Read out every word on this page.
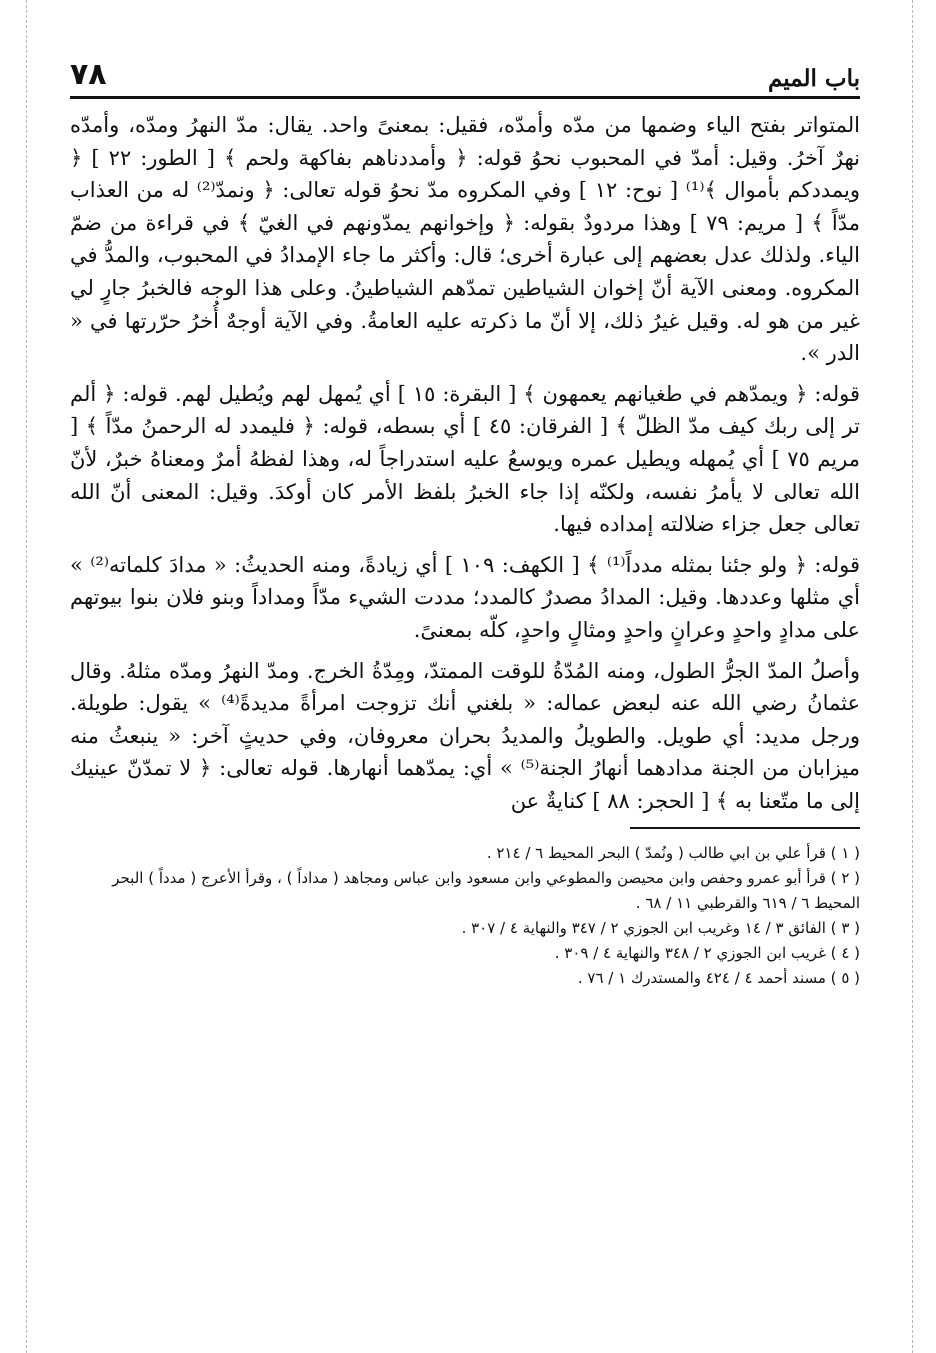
باب الميم
٧٨

المتواتر بفتح الياء وضمها من مدّه وأمدّه، فقيل: بمعنىً واحد. يقال: مدّ النهرُ ومدّه، وأمدّه نهرٌ آخرُ. وقيل: أمدّ في المحبوب نحوُ قوله: ﴿ وأمددناهم بفاكهة ولحم ﴾ [ الطور: ٢٢ ] ﴿ ويمددكم بأموال ﴾⁽¹⁾ [ نوح: ١٢ ] وفي المكروه مدّ نحوُ قوله تعالى: ﴿ ونمدّ⁽²⁾ له من العذاب مدّاً ﴾ [ مريم: ٧٩ ] وهذا مردودٌ بقوله: ﴿ وإخوانهم يمدّونهم في الغيّ ﴾ في قراءة من ضمّ الياء. ولذلك عدل بعضهم إلى عبارة أخرى؛ قال: وأكثر ما جاء الإمدادُ في المحبوب، والمدُّ في المكروه. ومعنى الآية أنّ إخوان الشياطين تمدّهم الشياطينُ. وعلى هذا الوجه فالخبرُ جارٍ لي غير من هو له. وقيل غيرُ ذلك، إلا أنّ ما ذكرته عليه العامةُ. وفي الآية أوجهٌ أُخرُ حرّرتها في « الدر ».

قوله: ﴿ ويمدّهم في طغيانهم يعمهون ﴾ [ البقرة: ١٥ ] أي يُمهل لهم ويُطيل لهم. قوله: ﴿ ألم تر إلى ربك كيف مدّ الظلّ ﴾ [ الفرقان: ٤٥ ] أي بسطه، قوله: ﴿ فليمدد له الرحمنُ مدّاً ﴾ [ مريم ٧٥ ] أي يُمهله ويطيل عمره ويوسعُ عليه استدراجاً له، وهذا لفظهُ أمرٌ ومعناهُ خبرٌ، لأنّ الله تعالى لا يأمرُ نفسه، ولكنّه إذا جاء الخبرُ بلفظ الأمر كان أوكدَ. وقيل: المعنى أنّ الله تعالى جعل جزاء ضلالته إمداده فيها.

قوله: ﴿ ولو جئنا بمثله مدداً⁽¹⁾ ﴾ [ الكهف: ١٠٩ ] أي زيادةً، ومنه الحديثُ: « مدادَ كلماته⁽²⁾ » أي مثلها وعددها. وقيل: المدادُ مصدرٌ كالمدد؛ مددت الشيء مدّاً ومداداً وبنو فلان بنوا بيوتهم على مدادٍ واحدٍ وعرانٍ واحدٍ ومثالٍ واحدٍ، كلّه بمعنىً.

وأصلُ المدّ الجرُّ الطول، ومنه المُدّةُ للوقت الممتدّ، ومِدّةُ الخرج. ومدّ النهرُ ومدّه مثلهُ. وقال عثمانُ رضي الله عنه لبعض عماله: « بلغني أنك تزوجت امرأةً مديدةً⁽⁴⁾ » يقول: طويلة. ورجل مديد: أي طويل. والطويلُ والمديدُ بحران معروفان، وفي حديثٍ آخر: « ينبعثُ منه ميزابان من الجنة مدادهما أنهارُ الجنة⁽⁵⁾ » أي: يمدّهما أنهارها. قوله تعالى: ﴿ لا تمدّنّ عينيك إلى ما متّعنا به ﴾ [ الحجر: ٨٨ ] كنايةٌ عن

( ١ ) قرأ علي بن ابي طالب ( ونُمدّ ) البحر المحيط ٦ / ٢١٤ .
( ٢ ) قرأ أبو عمرو وحفص وابن محيصن والمطوعي وابن مسعود وابن عباس ومجاهد ( مداداً ) ، وقرأ الأعرج ( مدداً ) البحر المحيط ٦ / ٦١٩ والقرطبي ١١ / ٦٨ .
( ٣ ) الفائق ٣ / ١٤ وغريب ابن الجوزي ٢ / ٣٤٧ والنهاية ٤ / ٣٠٧ .
( ٤ ) غريب ابن الجوزي ٢ / ٣٤٨ والنهاية ٤ / ٣٠٩ .
( ٥ ) مسند أحمد ٤ / ٤٢٤ والمستدرك ١ / ٧٦ .
